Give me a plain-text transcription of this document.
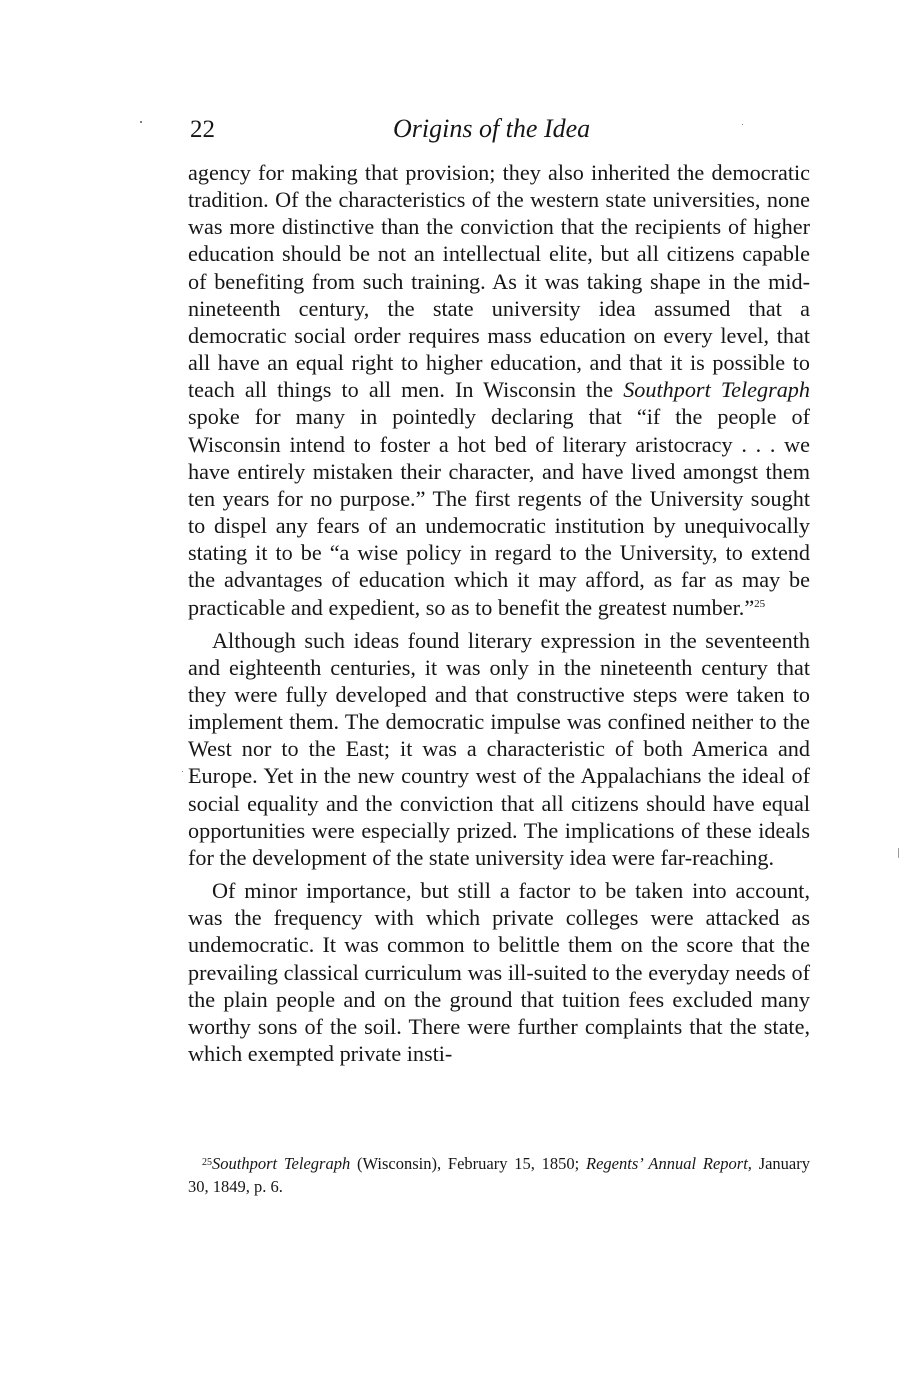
22	Origins of the Idea

agency for making that provision; they also inherited the democratic tradition. Of the characteristics of the western state universities, none was more distinctive than the conviction that the recipients of higher education should be not an intellectual elite, but all citizens capable of benefiting from such training. As it was taking shape in the mid-nineteenth century, the state university idea assumed that a democratic social order requires mass education on every level, that all have an equal right to higher education, and that it is possible to teach all things to all men. In Wisconsin the Southport Telegraph spoke for many in pointedly declaring that “if the people of Wisconsin intend to foster a hot bed of literary aristocracy . . . we have entirely mistaken their character, and have lived amongst them ten years for no purpose.” The first regents of the University sought to dispel any fears of an undemocratic institution by unequivocally stating it to be “a wise policy in regard to the University, to extend the advantages of education which it may afford, as far as may be practicable and expedient, so as to benefit the greatest number.”$^{25}$

Although such ideas found literary expression in the seventeenth and eighteenth centuries, it was only in the nineteenth century that they were fully developed and that constructive steps were taken to implement them. The democratic impulse was confined neither to the West nor to the East; it was a characteristic of both America and Europe. Yet in the new country west of the Appalachians the ideal of social equality and the conviction that all citizens should have equal opportunities were especially prized. The implications of these ideals for the development of the state university idea were far-reaching.

Of minor importance, but still a factor to be taken into account, was the frequency with which private colleges were attacked as undemocratic. It was common to belittle them on the score that the prevailing classical curriculum was ill-suited to the everyday needs of the plain people and on the ground that tuition fees excluded many worthy sons of the soil. There were further complaints that the state, which exempted private insti-

$^{25}$Southport Telegraph (Wisconsin), February 15, 1850; Regents’ Annual Report, January 30, 1849, p. 6.
